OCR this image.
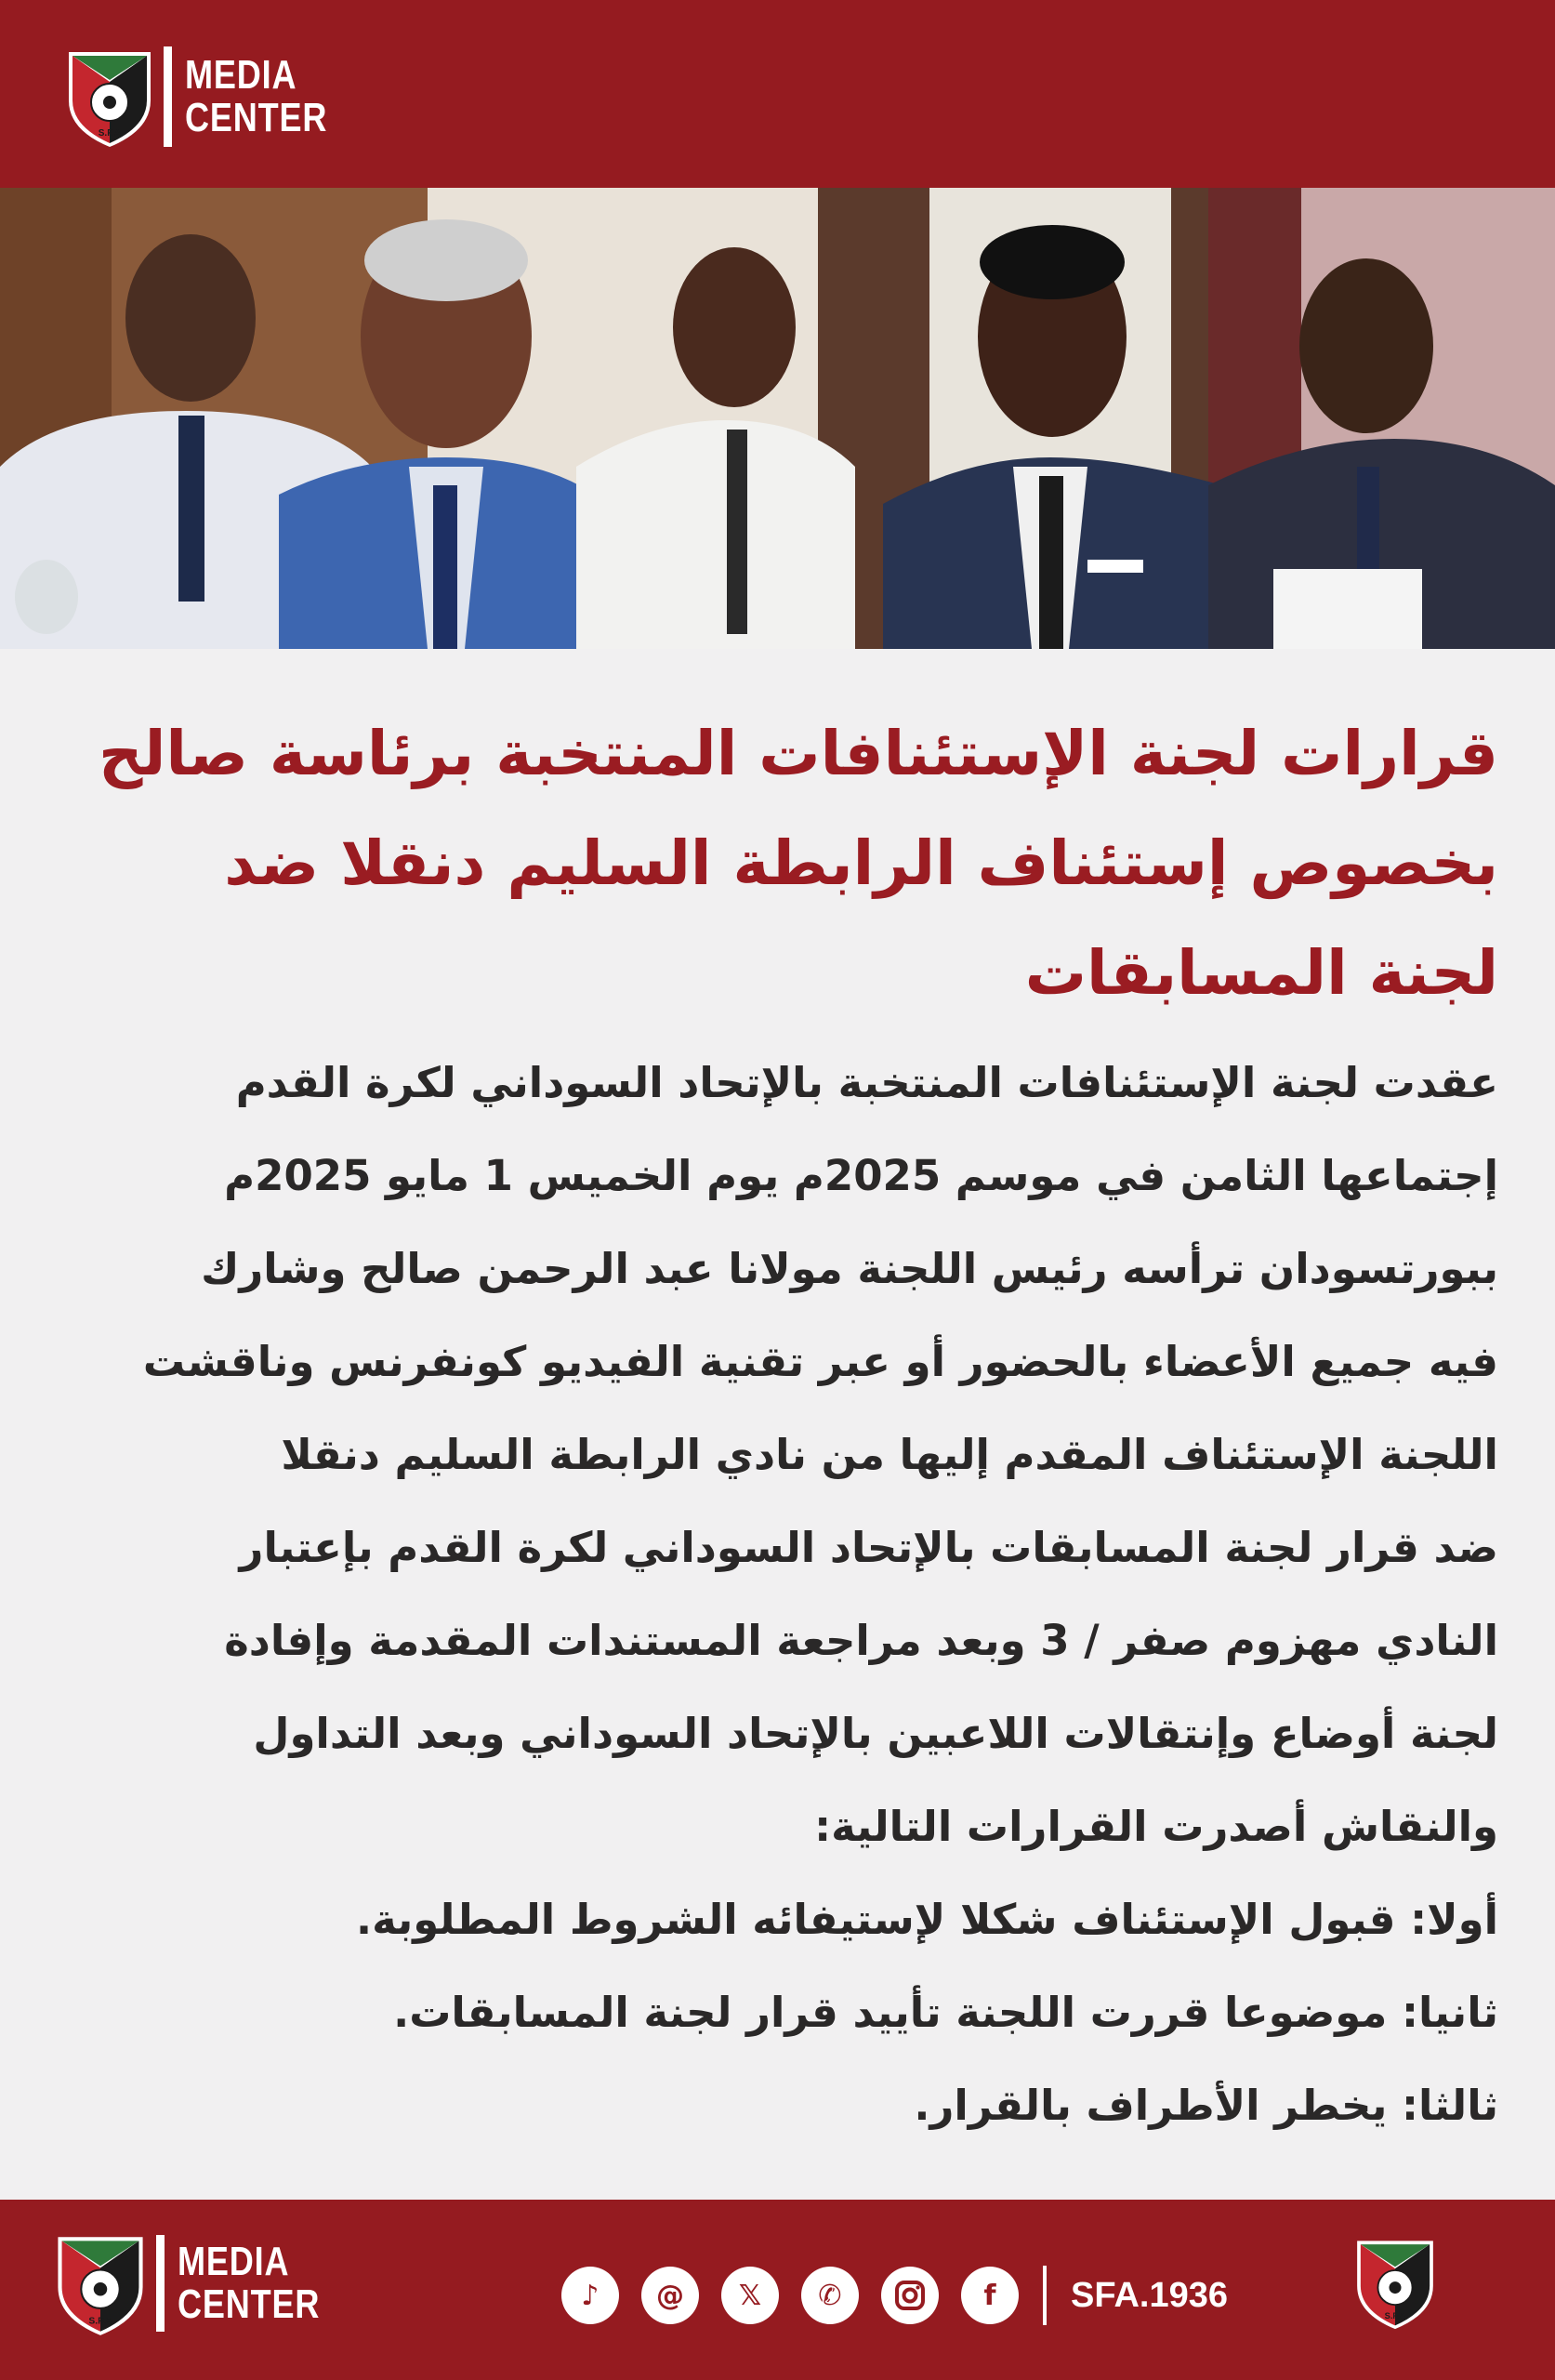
S.F.A
MEDIA
CENTER
قرارات لجنة الإستئنافات المنتخبة برئاسة صالح
بخصوص إستئناف الرابطة السليم دنقلا ضد
لجنة المسابقات
عقدت لجنة الإستئنافات المنتخبة بالإتحاد السوداني لكرة القدم
إجتماعها الثامن في موسم 2025م يوم الخميس 1 مايو 2025م
ببورتسودان ترأسه رئيس اللجنة مولانا عبد الرحمن صالح وشارك
فيه جميع الأعضاء بالحضور أو عبر تقنية الفيديو كونفرنس وناقشت
اللجنة الإستئناف المقدم إليها من نادي الرابطة السليم دنقلا
ضد قرار لجنة المسابقات بالإتحاد السوداني لكرة القدم بإعتبار
النادي مهزوم صفر / 3 وبعد مراجعة المستندات المقدمة وإفادة
لجنة أوضاع وإنتقالات اللاعبين بالإتحاد السوداني وبعد التداول
والنقاش أصدرت القرارات التالية:
أولا: قبول الإستئناف شكلا لإستيفائه الشروط المطلوبة.
ثانيا: موضوعا قررت اللجنة تأييد قرار لجنة المسابقات.
ثالثا: يخطر الأطراف بالقرار.
S.F.A
MEDIA
CENTER	♪	@	𝕏	✆	f	SFA.1936
S.F.A
